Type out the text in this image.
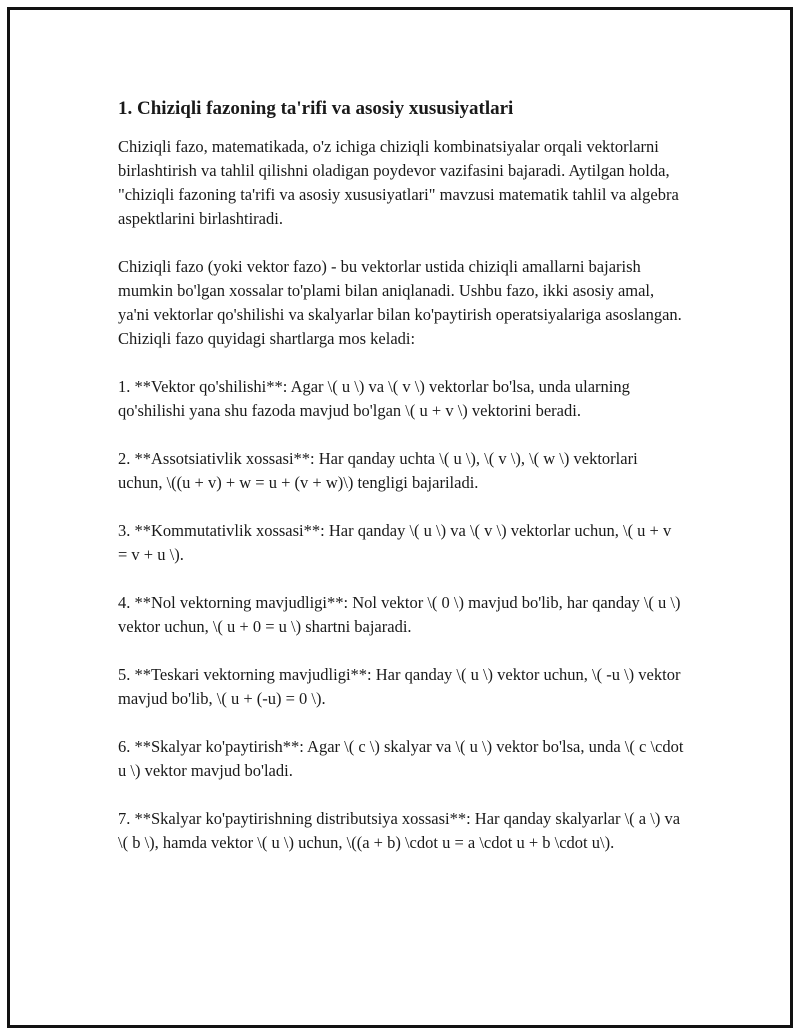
1. Chiziqli fazoning ta'rifi va asosiy xususiyatlari

Chiziqli fazo, matematikada, o'z ichiga chiziqli kombinatsiyalar orqali vektorlarni birlashtirish va tahlil qilishni oladigan poydevor vazifasini bajaradi. Aytilgan holda, "chiziqli fazoning ta'rifi va asosiy xususiyatlari" mavzusi matematik tahlil va algebra aspektlarini birlashtiradi.

Chiziqli fazo (yoki vektor fazo) - bu vektorlar ustida chiziqli amallarni bajarish mumkin bo'lgan xossalar to'plami bilan aniqlanadi. Ushbu fazo, ikki asosiy amal, ya'ni vektorlar qo'shilishi va skalyarlar bilan ko'paytirish operatsiyalariga asoslangan. Chiziqli fazo quyidagi shartlarga mos keladi:

1. **Vektor qo'shilishi**: Agar \( u \) va \( v \) vektorlar bo'lsa, unda ularning qo'shilishi yana shu fazoda mavjud bo'lgan \( u + v \) vektorini beradi.

2. **Assotsiativlik xossasi**: Har qanday uchta \( u \), \( v \), \( w \) vektorlari uchun, \((u + v) + w = u + (v + w)\) tengligi bajariladi.

3. **Kommutativlik xossasi**: Har qanday \( u \) va \( v \) vektorlar uchun, \( u + v = v + u \).

4. **Nol vektorning mavjudligi**: Nol vektor \( 0 \) mavjud bo'lib, har qanday \( u \) vektor uchun, \( u + 0 = u \) shartni bajaradi.

5. **Teskari vektorning mavjudligi**: Har qanday \( u \) vektor uchun, \( -u \) vektor mavjud bo'lib, \( u + (-u) = 0 \).

6. **Skalyar ko'paytirish**: Agar \( c \) skalyar va \( u \) vektor bo'lsa, unda \( c \cdot u \) vektor mavjud bo'ladi.

7. **Skalyar ko'paytirishning distributsiya xossasi**: Har qanday skalyarlar \( a \) va \( b \), hamda vektor \( u \) uchun, \((a + b) \cdot u = a \cdot u + b \cdot u\).
